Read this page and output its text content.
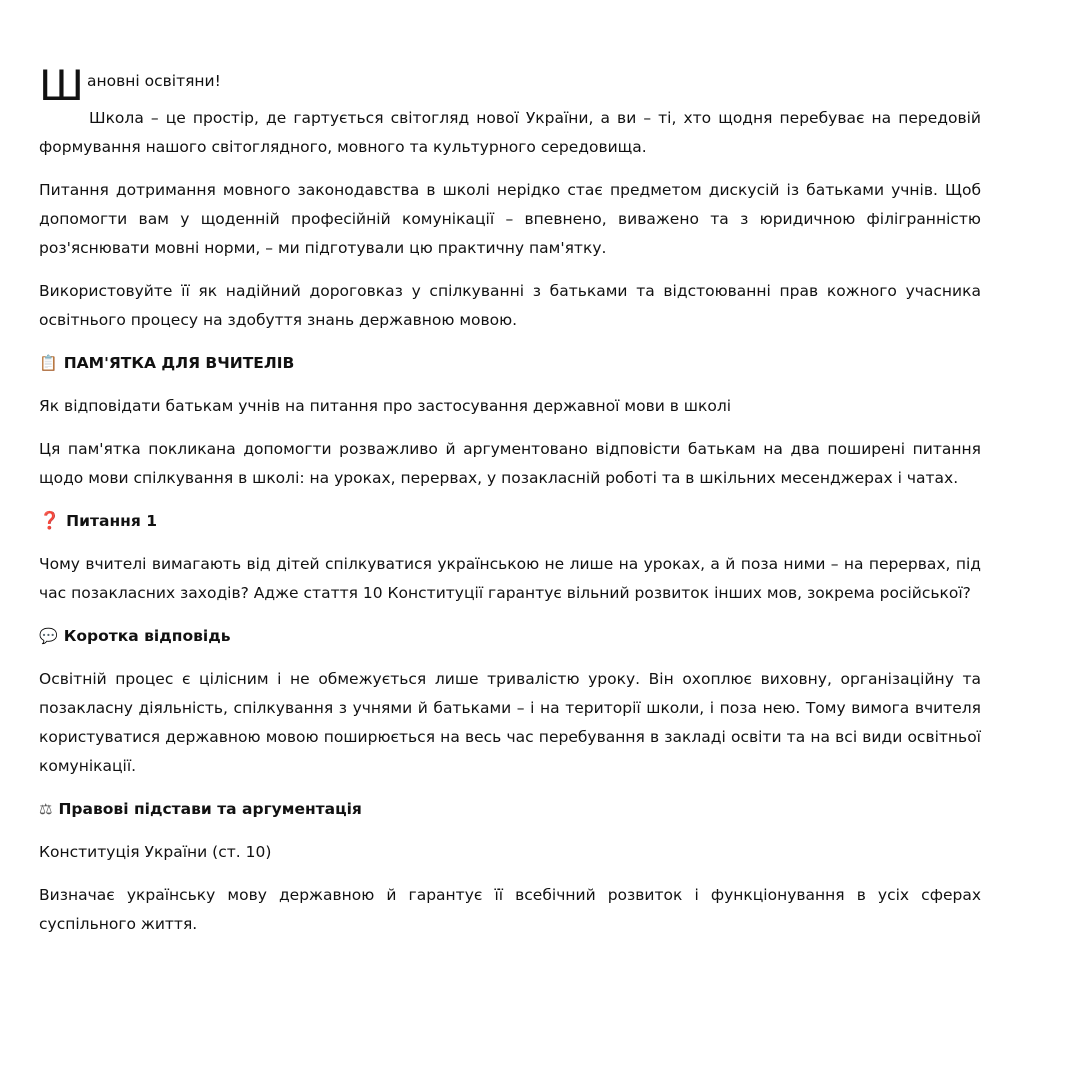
Ш ановні освітяни!

Школа – це простір, де гартується світогляд нової України, а ви – ті, хто щодня перебуває на передовій формування нашого світоглядного, мовного та культурного середовища.

Питання дотримання мовного законодавства в школі нерідко стає предметом дискусій із батьками учнів. Щоб допомогти вам у щоденній професійній комунікації – впевнено, виважено та з юридичною філігранністю роз'яснювати мовні норми, – ми підготували цю практичну пам'ятку.

Використовуйте її як надійний дороговказ у спілкуванні з батьками та відстоюванні прав кожного учасника освітнього процесу на здобуття знань державною мовою.

📋 ПАМ'ЯТКА ДЛЯ ВЧИТЕЛІВ

Як відповідати батькам учнів на питання про застосування державної мови в школі

Ця пам'ятка покликана допомогти розважливо й аргументовано відповісти батькам на два поширені питання щодо мови спілкування в школі: на уроках, перервах, у позакласній роботі та в шкільних месенджерах і чатах.

❓ Питання 1

Чому вчителі вимагають від дітей спілкуватися українською не лише на уроках, а й поза ними – на перервах, під час позакласних заходів? Адже стаття 10 Конституції гарантує вільний розвиток інших мов, зокрема російської?

💬 Коротка відповідь

Освітній процес є цілісним і не обмежується лише тривалістю уроку. Він охоплює виховну, організаційну та позакласну діяльність, спілкування з учнями й батьками – і на території школи, і поза нею. Тому вимога вчителя користуватися державною мовою поширюється на весь час перебування в закладі освіти та на всі види освітньої комунікації.

⚖ Правові підстави та аргументація

Конституція України (ст. 10)

Визначає українську мову державною й гарантує її всебічний розвиток і функціонування в усіх сферах суспільного життя.
